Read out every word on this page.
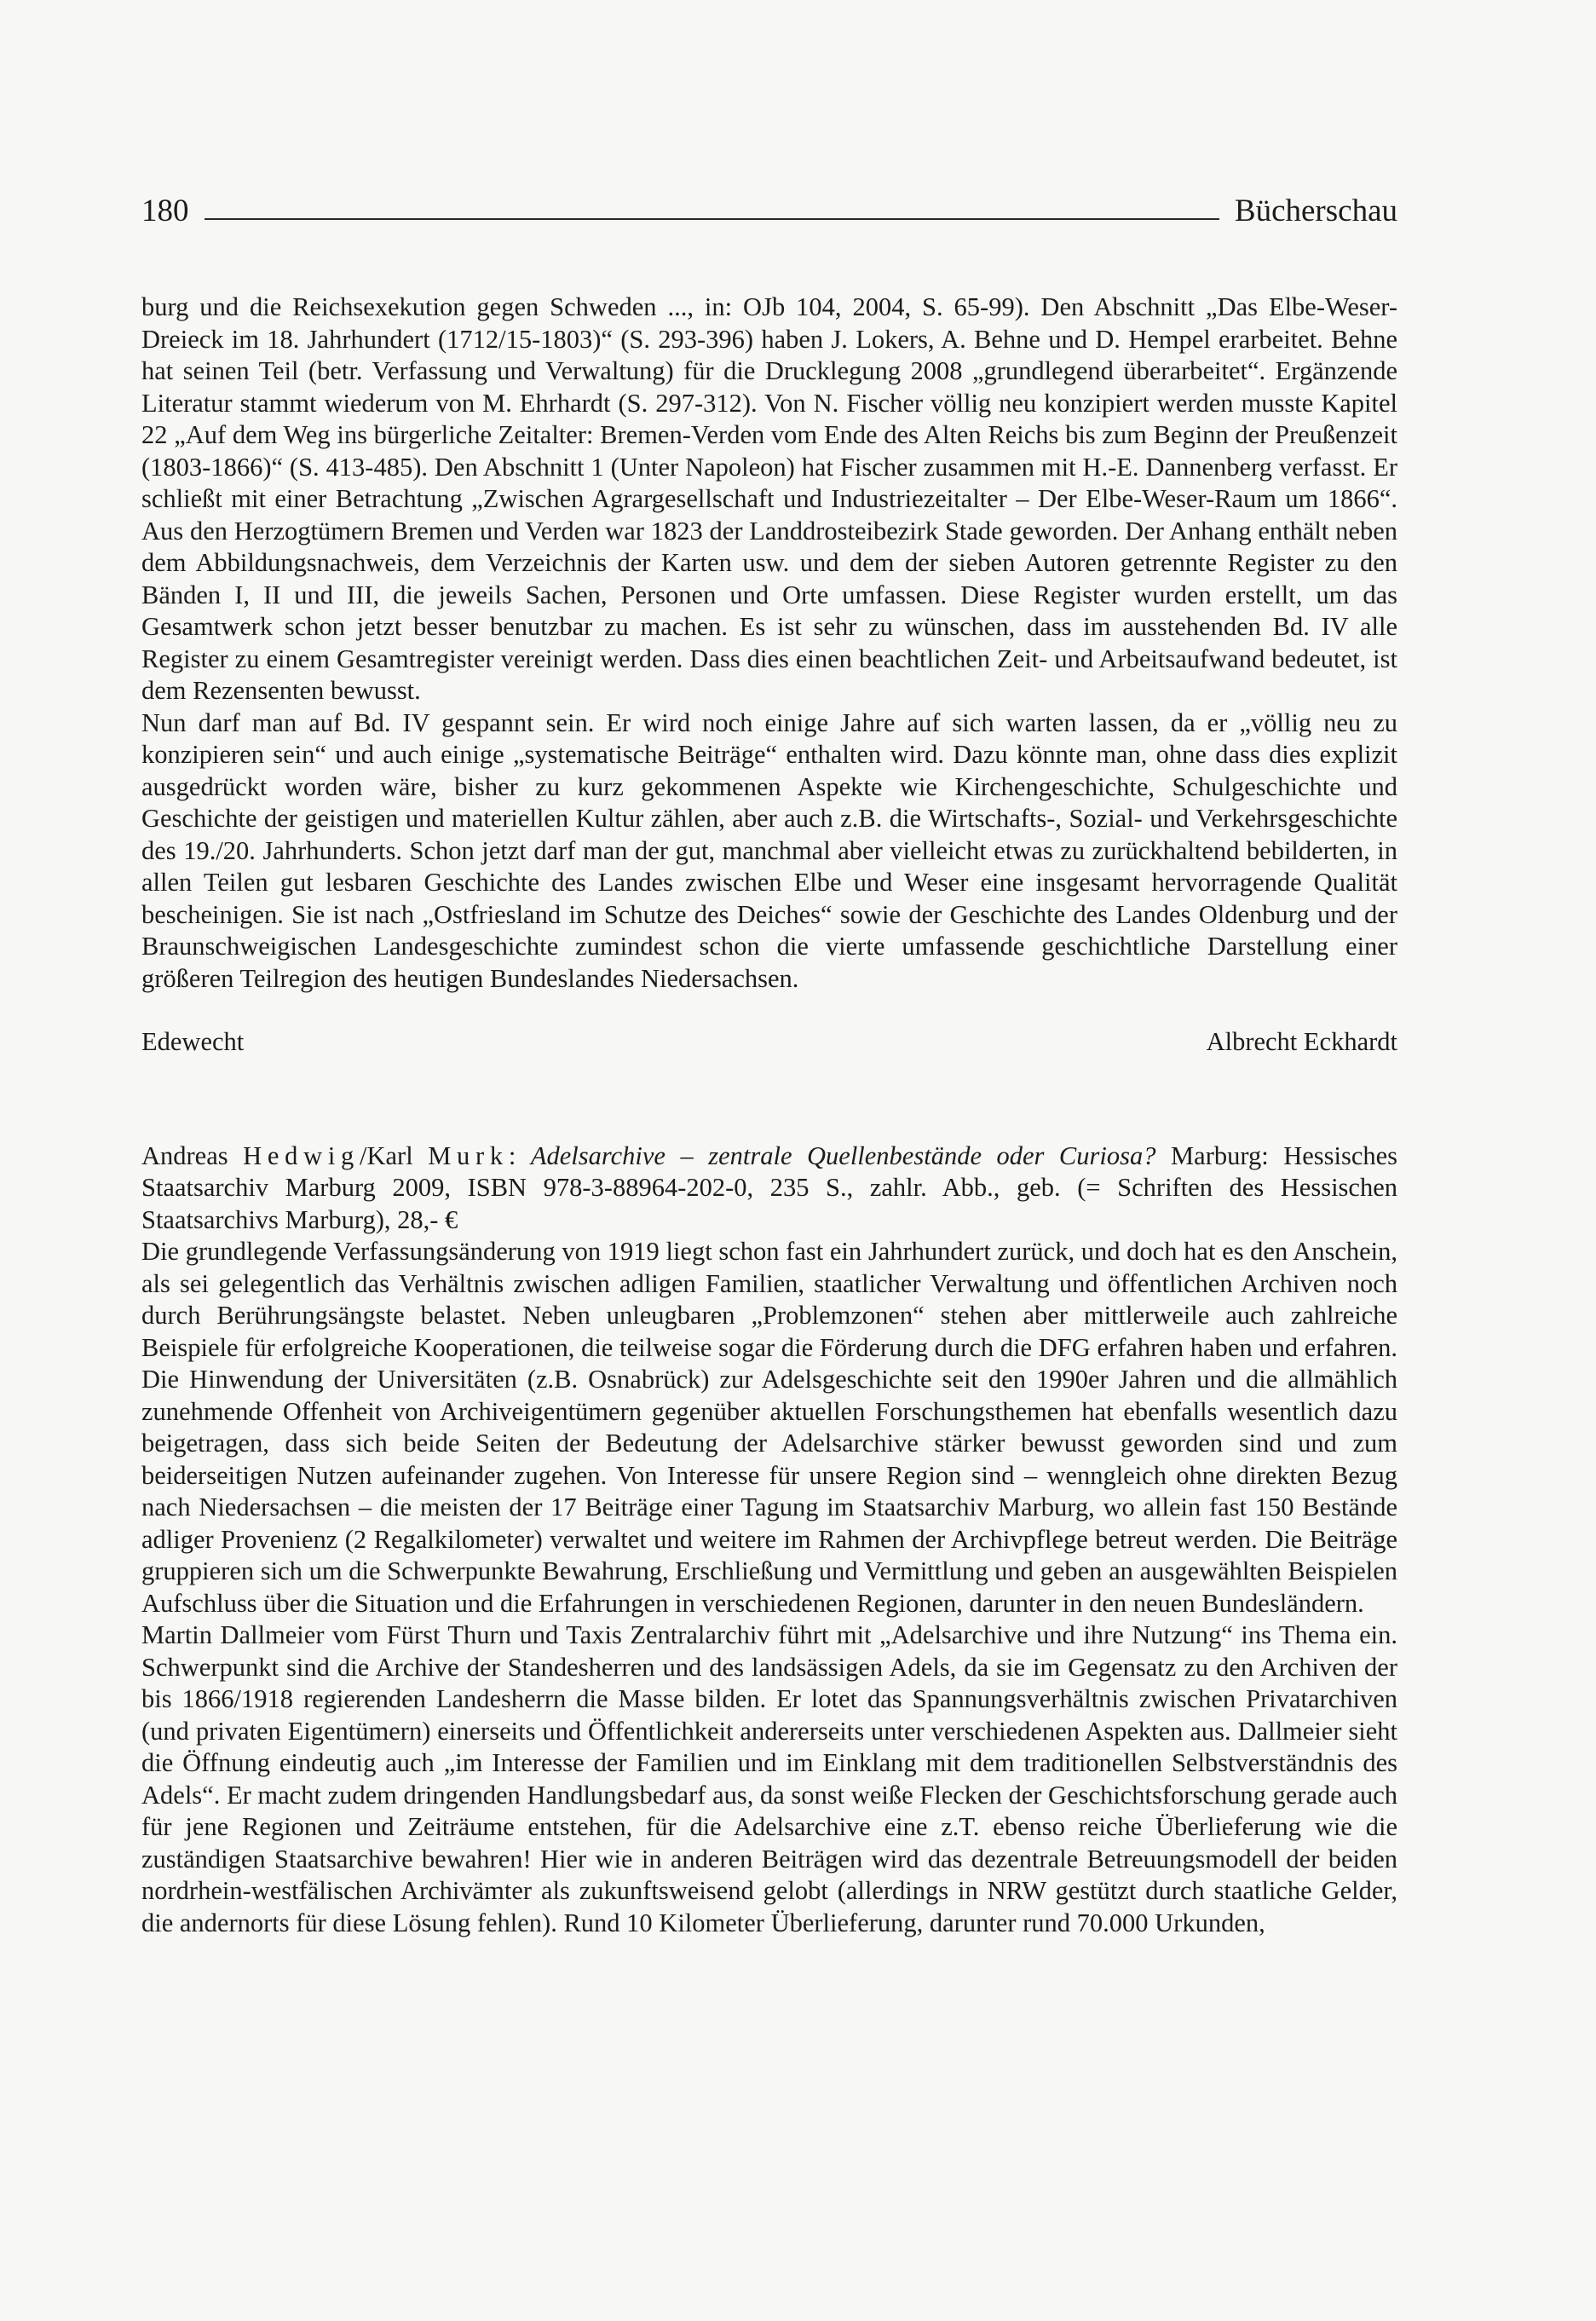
180	Bücherschau

burg und die Reichsexekution gegen Schweden ..., in: OJb 104, 2004, S. 65-99). Den Abschnitt „Das Elbe-Weser-Dreieck im 18. Jahrhundert (1712/15-1803)“ (S. 293-396) haben J. Lokers, A. Behne und D. Hempel erarbeitet. Behne hat seinen Teil (betr. Verfassung und Verwaltung) für die Drucklegung 2008 „grundlegend überarbeitet“. Ergänzende Literatur stammt wiederum von M. Ehrhardt (S. 297-312). Von N. Fischer völlig neu konzipiert werden musste Kapitel 22 „Auf dem Weg ins bürgerliche Zeitalter: Bremen-Verden vom Ende des Alten Reichs bis zum Beginn der Preußenzeit (1803-1866)“ (S. 413-485). Den Abschnitt 1 (Unter Napoleon) hat Fischer zusammen mit H.-E. Dannenberg verfasst. Er schließt mit einer Betrachtung „Zwischen Agrargesellschaft und Industriezeitalter – Der Elbe-Weser-Raum um 1866“. Aus den Herzogtümern Bremen und Verden war 1823 der Landdrosteibezirk Stade geworden. Der Anhang enthält neben dem Abbildungsnachweis, dem Verzeichnis der Karten usw. und dem der sieben Autoren getrennte Register zu den Bänden I, II und III, die jeweils Sachen, Personen und Orte umfassen. Diese Register wurden erstellt, um das Gesamtwerk schon jetzt besser benutzbar zu machen. Es ist sehr zu wünschen, dass im ausstehenden Bd. IV alle Register zu einem Gesamtregister vereinigt werden. Dass dies einen beachtlichen Zeit- und Arbeitsaufwand bedeutet, ist dem Rezensenten bewusst.

Nun darf man auf Bd. IV gespannt sein. Er wird noch einige Jahre auf sich warten lassen, da er „völlig neu zu konzipieren sein“ und auch einige „systematische Beiträge“ enthalten wird. Dazu könnte man, ohne dass dies explizit ausgedrückt worden wäre, bisher zu kurz gekommenen Aspekte wie Kirchengeschichte, Schulgeschichte und Geschichte der geistigen und materiellen Kultur zählen, aber auch z.B. die Wirtschafts-, Sozial- und Verkehrsgeschichte des 19./20. Jahrhunderts. Schon jetzt darf man der gut, manchmal aber vielleicht etwas zu zurückhaltend bebilderten, in allen Teilen gut lesbaren Geschichte des Landes zwischen Elbe und Weser eine insgesamt hervorragende Qualität bescheinigen. Sie ist nach „Ostfriesland im Schutze des Deiches“ sowie der Geschichte des Landes Oldenburg und der Braunschweigischen Landesgeschichte zumindest schon die vierte umfassende geschichtliche Darstellung einer größeren Teilregion des heutigen Bundeslandes Niedersachsen.

Edewecht	Albrecht Eckhardt

Andreas Hedwig/Karl Murk: Adelsarchive – zentrale Quellenbestände oder Curiosa? Marburg: Hessisches Staatsarchiv Marburg 2009, ISBN 978-3-88964-202-0, 235 S., zahlr. Abb., geb. (= Schriften des Hessischen Staatsarchivs Marburg), 28,- €

Die grundlegende Verfassungsänderung von 1919 liegt schon fast ein Jahrhundert zurück, und doch hat es den Anschein, als sei gelegentlich das Verhältnis zwischen adligen Familien, staatlicher Verwaltung und öffentlichen Archiven noch durch Berührungsängste belastet. Neben unleugbaren „Problemzonen“ stehen aber mittlerweile auch zahlreiche Beispiele für erfolgreiche Kooperationen, die teilweise sogar die Förderung durch die DFG erfahren haben und erfahren. Die Hinwendung der Universitäten (z.B. Osnabrück) zur Adelsgeschichte seit den 1990er Jahren und die allmählich zunehmende Offenheit von Archiveigentümern gegenüber aktuellen Forschungsthemen hat ebenfalls wesentlich dazu beigetragen, dass sich beide Seiten der Bedeutung der Adelsarchive stärker bewusst geworden sind und zum beiderseitigen Nutzen aufeinander zugehen. Von Interesse für unsere Region sind – wenngleich ohne direkten Bezug nach Niedersachsen – die meisten der 17 Beiträge einer Tagung im Staatsarchiv Marburg, wo allein fast 150 Bestände adliger Provenienz (2 Regalkilometer) verwaltet und weitere im Rahmen der Archivpflege betreut werden. Die Beiträge gruppieren sich um die Schwerpunkte Bewahrung, Erschließung und Vermittlung und geben an ausgewählten Beispielen Aufschluss über die Situation und die Erfahrungen in verschiedenen Regionen, darunter in den neuen Bundesländern.

Martin Dallmeier vom Fürst Thurn und Taxis Zentralarchiv führt mit „Adelsarchive und ihre Nutzung“ ins Thema ein. Schwerpunkt sind die Archive der Standesherren und des landsässigen Adels, da sie im Gegensatz zu den Archiven der bis 1866/1918 regierenden Landesherrn die Masse bilden. Er lotet das Spannungsverhältnis zwischen Privatarchiven (und privaten Eigentümern) einerseits und Öffentlichkeit andererseits unter verschiedenen Aspekten aus. Dallmeier sieht die Öffnung eindeutig auch „im Interesse der Familien und im Einklang mit dem traditionellen Selbstverständnis des Adels“. Er macht zudem dringenden Handlungsbedarf aus, da sonst weiße Flecken der Geschichtsforschung gerade auch für jene Regionen und Zeiträume entstehen, für die Adelsarchive eine z.T. ebenso reiche Überlieferung wie die zuständigen Staatsarchive bewahren! Hier wie in anderen Beiträgen wird das dezentrale Betreuungsmodell der beiden nordrhein-westfälischen Archivämter als zukunftsweisend gelobt (allerdings in NRW gestützt durch staatliche Gelder, die andernorts für diese Lösung fehlen). Rund 10 Kilometer Überlieferung, darunter rund 70.000 Urkunden,
